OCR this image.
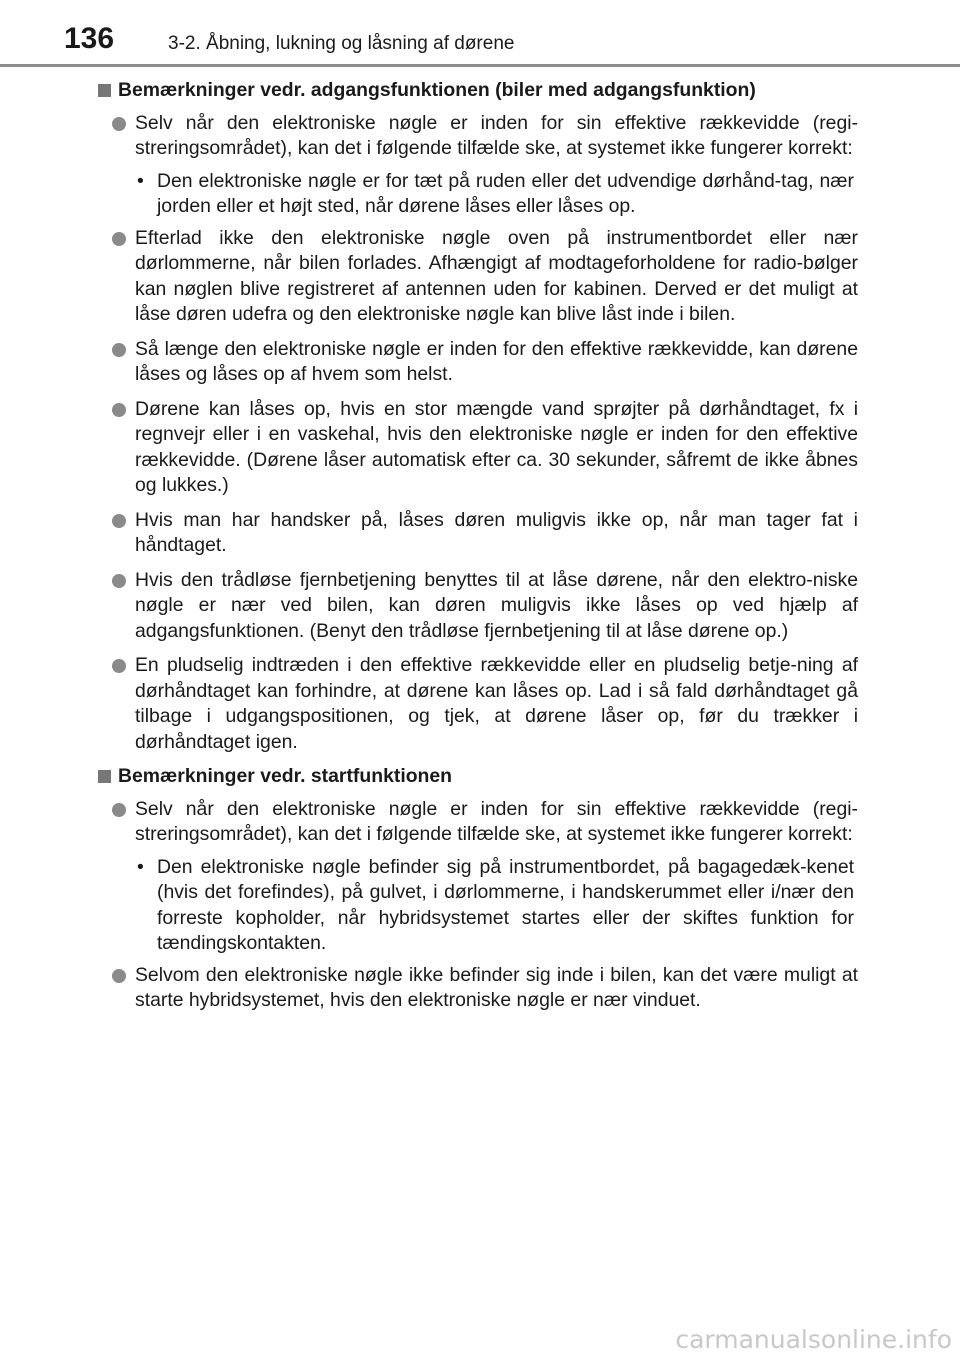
136	3-2. Åbning, lukning og låsning af dørene
Bemærkninger vedr. adgangsfunktionen (biler med adgangsfunktion)
Selv når den elektroniske nøgle er inden for sin effektive rækkevidde (regi-streringsområdet), kan det i følgende tilfælde ske, at systemet ikke fungerer korrekt:
• Den elektroniske nøgle er for tæt på ruden eller det udvendige dørhånd-tag, nær jorden eller et højt sted, når dørene låses eller låses op.
Efterlad ikke den elektroniske nøgle oven på instrumentbordet eller nær dørlommerne, når bilen forlades. Afhængigt af modtageforholdene for radio-bølger kan nøglen blive registreret af antennen uden for kabinen. Derved er det muligt at låse døren udefra og den elektroniske nøgle kan blive låst inde i bilen.
Så længe den elektroniske nøgle er inden for den effektive rækkevidde, kan dørene låses og låses op af hvem som helst.
Dørene kan låses op, hvis en stor mængde vand sprøjter på dørhåndtaget, fx i regnvejr eller i en vaskehal, hvis den elektroniske nøgle er inden for den effektive rækkevidde. (Dørene låser automatisk efter ca. 30 sekunder, såfremt de ikke åbnes og lukkes.)
Hvis man har handsker på, låses døren muligvis ikke op, når man tager fat i håndtaget.
Hvis den trådløse fjernbetjening benyttes til at låse dørene, når den elektro-niske nøgle er nær ved bilen, kan døren muligvis ikke låses op ved hjælp af adgangsfunktionen. (Benyt den trådløse fjernbetjening til at låse dørene op.)
En pludselig indtræden i den effektive rækkevidde eller en pludselig betje-ning af dørhåndtaget kan forhindre, at dørene kan låses op. Lad i så fald dørhåndtaget gå tilbage i udgangspositionen, og tjek, at dørene låser op, før du trækker i dørhåndtaget igen.
Bemærkninger vedr. startfunktionen
Selv når den elektroniske nøgle er inden for sin effektive rækkevidde (regi-streringsområdet), kan det i følgende tilfælde ske, at systemet ikke fungerer korrekt:
• Den elektroniske nøgle befinder sig på instrumentbordet, på bagagedæk-kenet (hvis det forefindes), på gulvet, i dørlommerne, i handskerummet eller i/nær den forreste kopholder, når hybridsystemet startes eller der skiftes funktion for tændingskontakten.
Selvom den elektroniske nøgle ikke befinder sig inde i bilen, kan det være muligt at starte hybridsystemet, hvis den elektroniske nøgle er nær vinduet.
carmanualsonline.info
